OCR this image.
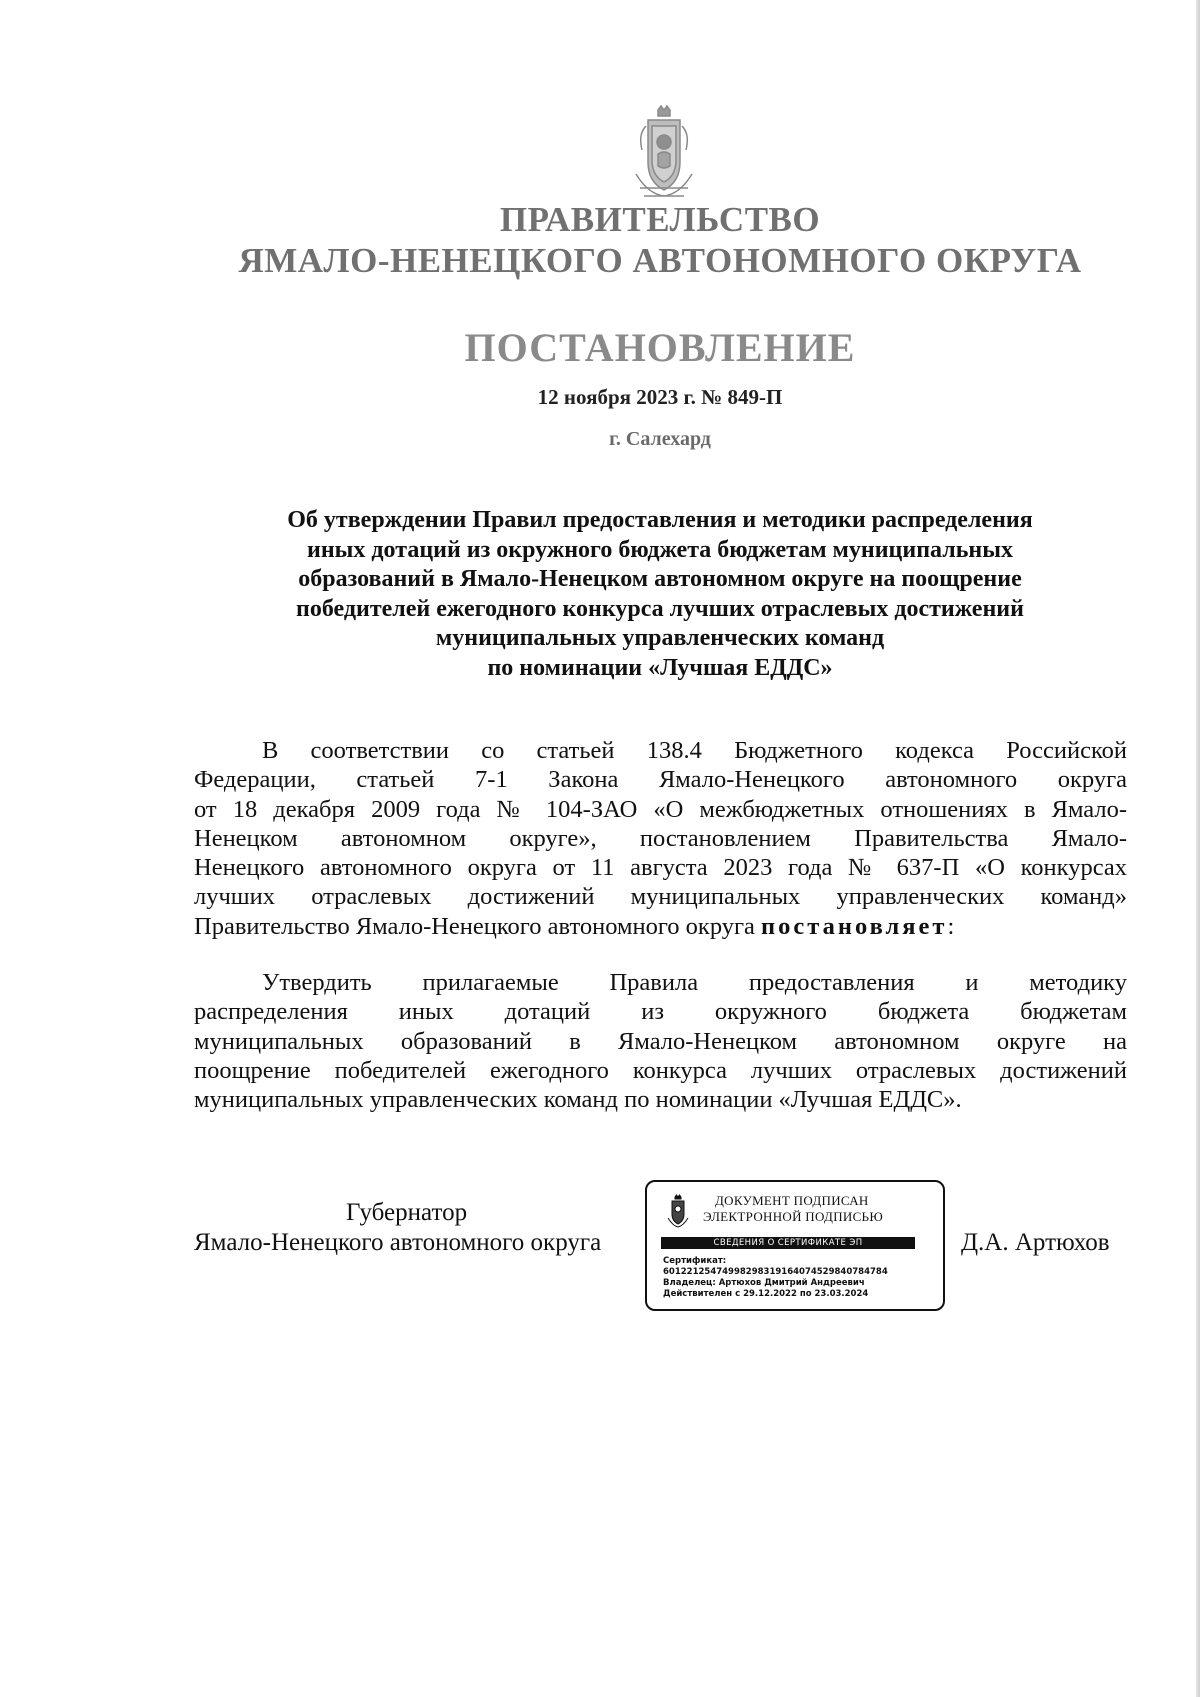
ПРАВИТЕЛЬСТВО
ЯМАЛО-НЕНЕЦКОГО АВТОНОМНОГО ОКРУГА
ПОСТАНОВЛЕНИЕ
12 ноября 2023 г. № 849-П
г. Салехард
Об утверждении Правил предоставления и методики распределения
иных дотаций из окружного бюджета бюджетам муниципальных
образований в Ямало-Ненецком автономном округе на поощрение
победителей ежегодного конкурса лучших отраслевых достижений
муниципальных управленческих команд
по номинации «Лучшая ЕДДС»
В соответствии со статьей 138.4 Бюджетного кодекса Российской
Федерации, статьей 7-1 Закона Ямало-Ненецкого автономного округа
от 18 декабря 2009 года № 104-ЗАО «О межбюджетных отношениях в Ямало-
Ненецком автономном округе», постановлением Правительства Ямало-
Ненецкого автономного округа от 11 августа 2023 года № 637-П «О конкурсах
лучших отраслевых достижений муниципальных управленческих команд»
Правительство Ямало-Ненецкого автономного округа постановляет:
Утвердить прилагаемые Правила предоставления и методику
распределения иных дотаций из окружного бюджета бюджетам
муниципальных образований в Ямало-Ненецком автономном округе на
поощрение победителей ежегодного конкурса лучших отраслевых достижений
муниципальных управленческих команд по номинации «Лучшая ЕДДС».
Губернатор
Ямало-Ненецкого автономного округа
ДОКУМЕНТ ПОДПИСАН
ЭЛЕКТРОННОЙ ПОДПИСЬЮ
СВЕДЕНИЯ О СЕРТИФИКАТЕ ЭП
Сертификат:
60122125474998298319164074529840784784
Владелец: Артюхов Дмитрий Андреевич
Действителен с 29.12.2022 по 23.03.2024
Д.А. Артюхов
